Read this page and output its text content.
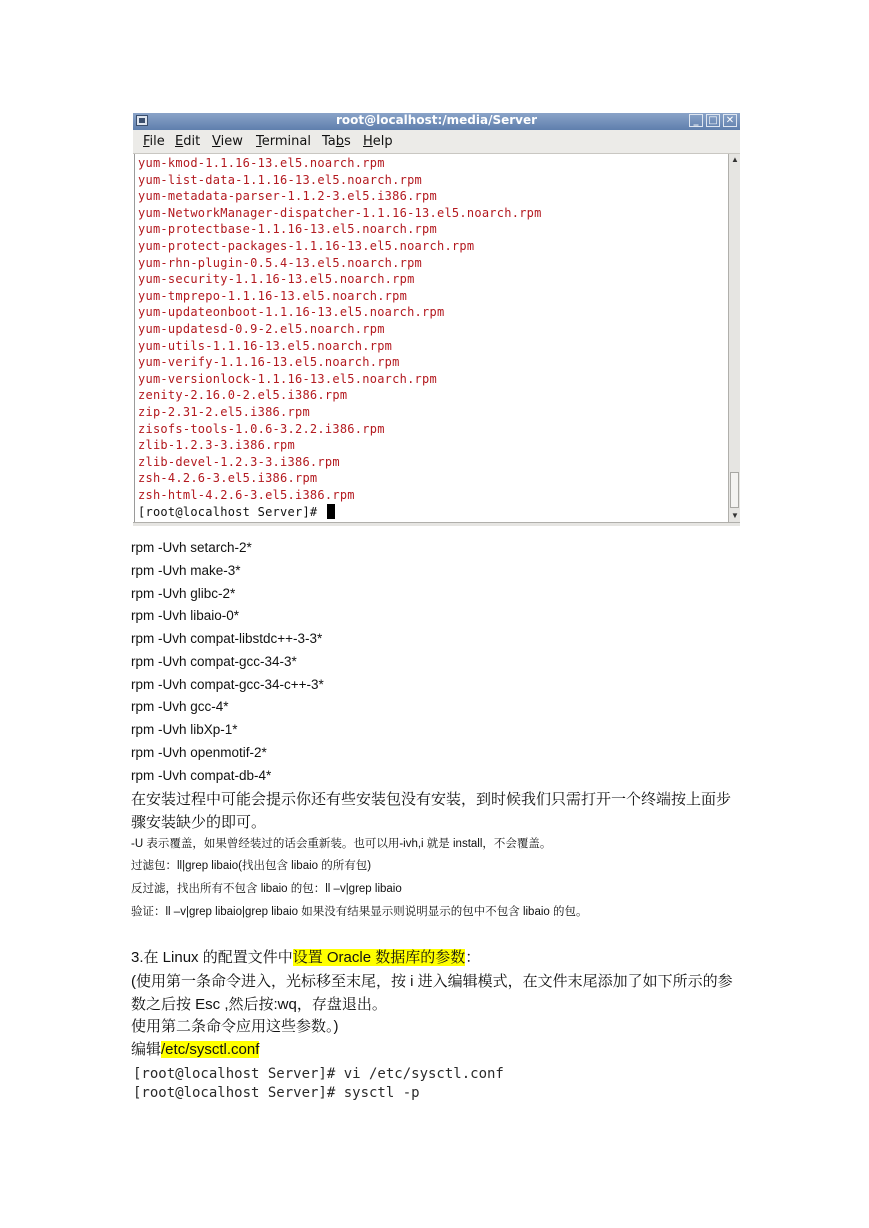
root@localhost:/media/Server	_ □ ✕
File Edit View Terminal Tabs Help
yum-kmod-1.1.16-13.el5.noarch.rpm
yum-list-data-1.1.16-13.el5.noarch.rpm
yum-metadata-parser-1.1.2-3.el5.i386.rpm
yum-NetworkManager-dispatcher-1.1.16-13.el5.noarch.rpm
yum-protectbase-1.1.16-13.el5.noarch.rpm
yum-protect-packages-1.1.16-13.el5.noarch.rpm
yum-rhn-plugin-0.5.4-13.el5.noarch.rpm
yum-security-1.1.16-13.el5.noarch.rpm
yum-tmprepo-1.1.16-13.el5.noarch.rpm
yum-updateonboot-1.1.16-13.el5.noarch.rpm
yum-updatesd-0.9-2.el5.noarch.rpm
yum-utils-1.1.16-13.el5.noarch.rpm
yum-verify-1.1.16-13.el5.noarch.rpm
yum-versionlock-1.1.16-13.el5.noarch.rpm
zenity-2.16.0-2.el5.i386.rpm
zip-2.31-2.el5.i386.rpm
zisofs-tools-1.0.6-3.2.2.i386.rpm
zlib-1.2.3-3.i386.rpm
zlib-devel-1.2.3-3.i386.rpm
zsh-4.2.6-3.el5.i386.rpm
zsh-html-4.2.6-3.el5.i386.rpm
[root@localhost Server]#
▲
▼
rpm -Uvh setarch-2*
rpm -Uvh make-3*
rpm -Uvh glibc-2*
rpm -Uvh libaio-0*
rpm -Uvh compat-libstdc++-3-3*
rpm -Uvh compat-gcc-34-3*
rpm -Uvh compat-gcc-34-c++-3*
rpm -Uvh gcc-4*
rpm -Uvh libXp-1*
rpm -Uvh openmotif-2*
rpm -Uvh compat-db-4*
在安装过程中可能会提示你还有些安装包没有安装，到时候我们只需打开一个终端按上面步
骤安装缺少的即可。
-U 表示覆盖，如果曾经装过的话会重新装。也可以用-ivh,i 就是 install，不会覆盖。
过滤包：ll|grep libaio(找出包含 libaio 的所有包)
反过滤，找出所有不包含 libaio 的包：ll –v|grep libaio
验证：ll –v|grep libaio|grep libaio 如果没有结果显示则说明显示的包中不包含 libaio 的包。
3.在 Linux 的配置文件中设置 Oracle 数据库的参数：
(使用第一条命令进入，光标移至末尾，按 i 进入编辑模式，在文件末尾添加了如下所示的参
数之后按 Esc ,然后按:wq，存盘退出。
使用第二条命令应用这些参数。)
编辑/etc/sysctl.conf
[root@localhost Server]# vi /etc/sysctl.conf
[root@localhost Server]# sysctl -p
